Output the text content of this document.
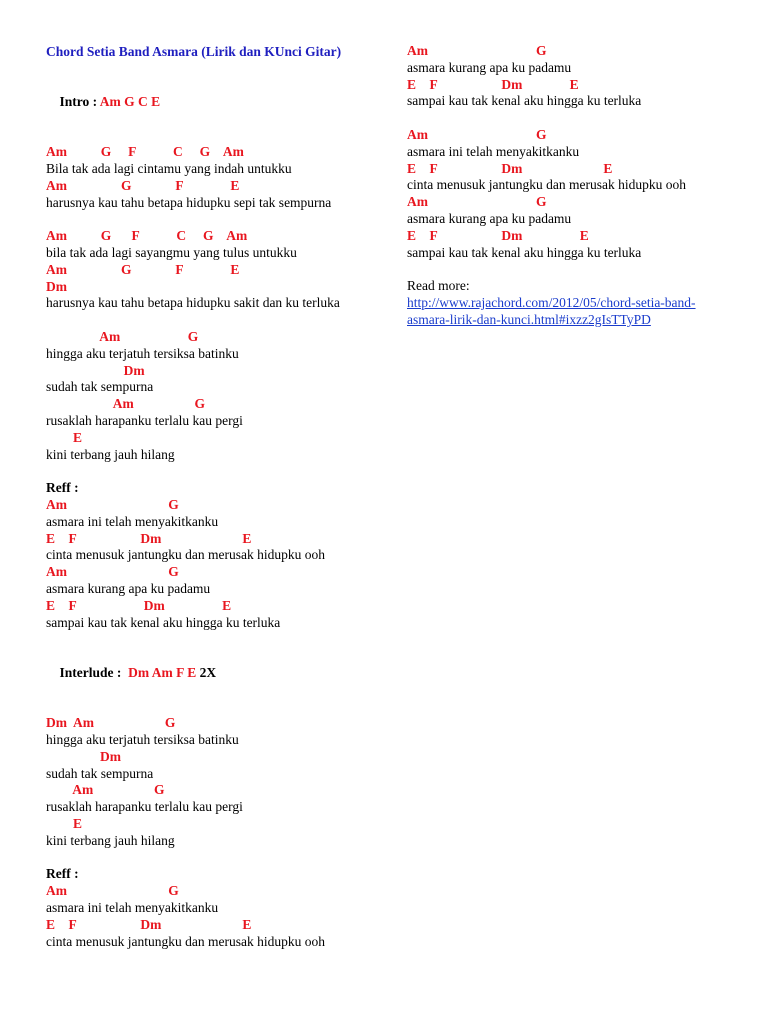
Chord Setia Band Asmara (Lirik dan KUnci Gitar)

Intro : Am G C E

Am          G     F           C     G    Am
Bila tak ada lagi cintamu yang indah untukku
Am                G             F              E
harusnya kau tahu betapa hidupku sepi tak sempurna
Am          G      F           C     G    Am
bila tak ada lagi sayangmu yang tulus untukku
Am                G             F              E
Dm
harusnya kau tahu betapa hidupku sakit dan ku terluka
Am                    G
hingga aku terjatuh tersiksa batinku
Dm
sudah tak sempurna
Am                  G
rusaklah harapanku terlalu kau pergi
E
kini terbang jauh hilang
Reff :
Am                              G
asmara ini telah menyakitkanku
E    F                   Dm                        E
cinta menusuk jantungku dan merusak hidupku ooh
Am                              G
asmara kurang apa ku padamu
E    F                    Dm                 E
sampai kau tak kenal aku hingga ku terluka

Interlude :  Dm Am F E 2X

Dm  Am                     G
hingga aku terjatuh tersiksa batinku
Dm
sudah tak sempurna
Am                  G
rusaklah harapanku terlalu kau pergi
E
kini terbang jauh hilang
Reff :
Am                              G
asmara ini telah menyakitkanku
E    F                   Dm                        E
cinta menusuk jantungku dan merusak hidupku ooh
Am                                G
asmara kurang apa ku padamu
E    F                   Dm              E
sampai kau tak kenal aku hingga ku terluka
Am                                G
asmara ini telah menyakitkanku
E    F                   Dm                        E
cinta menusuk jantungku dan merusak hidupku ooh
Am                                G
asmara kurang apa ku padamu
E    F                   Dm                 E
sampai kau tak kenal aku hingga ku terluka
Read more:
http://www.rajachord.com/2012/05/chord-setia-band-asmara-lirik-dan-kunci.html#ixzz2gIsTTyPD
